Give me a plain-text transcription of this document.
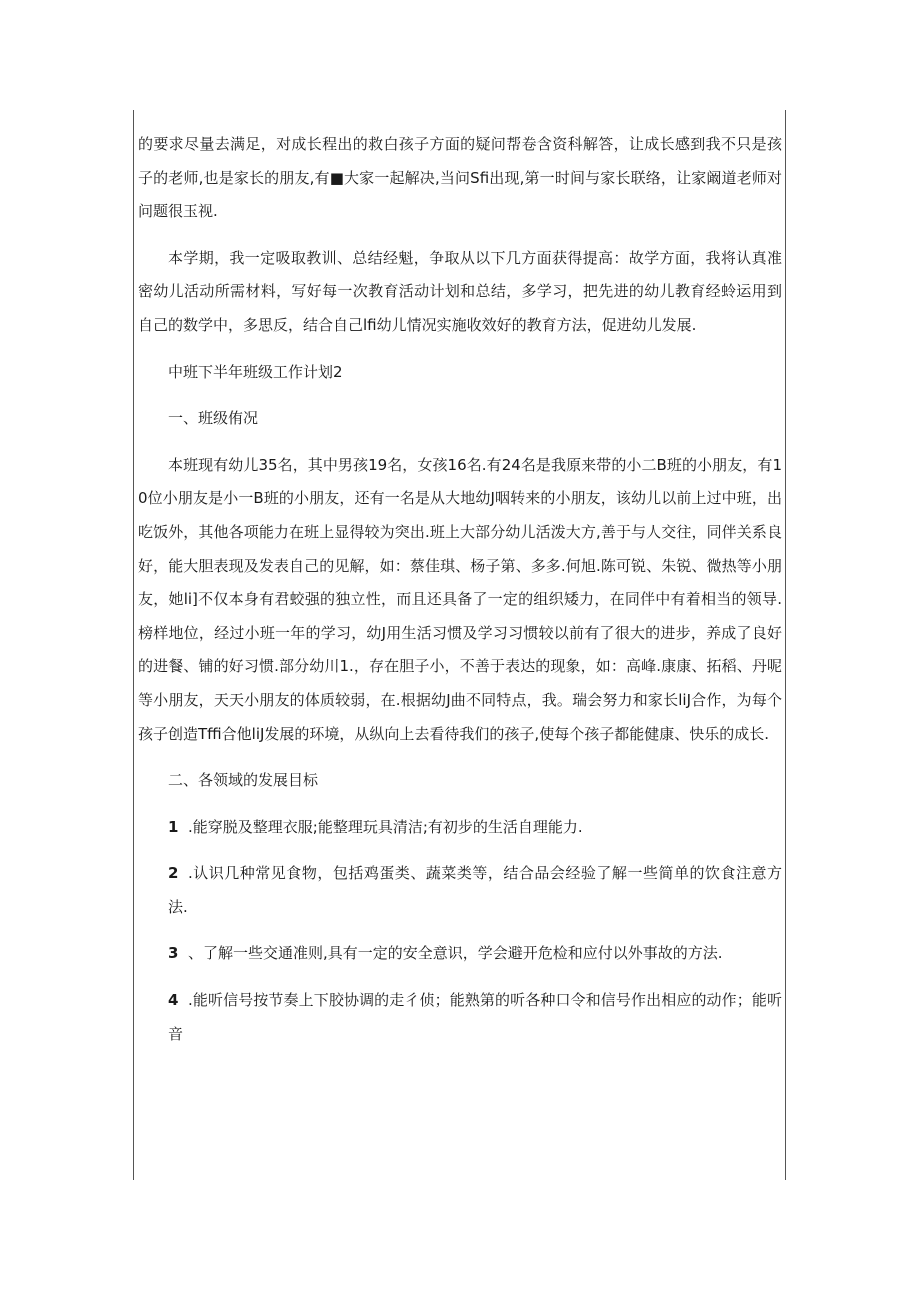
的要求尽量去满足，对成长程出的救白孩子方面的疑问帮卷含资科解答，让成长感到我不只是孩子的老师,也是家长的朋友,有■大家一起解决,当问Sfi出现,第一时间与家长联络，让家阚道老师对问题很玉视.

本学期，我一定吸取教训、总结经魁，争取从以下几方面获得提高：故学方面，我将认真准密幼儿活动所需材料，写好每一次教育活动计划和总结，多学习，把先进的幼儿教育经蛉运用到自己的数学中，多思反，结合自己lfi幼儿情况实施收效好的教育方法，促进幼儿发展.

中班下半年班级工作计划2

一、班级侑况

本班现有幼儿35名，其中男孩19名，女孩16名.有24名是我原来带的小二B班的小朋友，有10位小朋友是小一B班的小朋友，还有一名是从大地幼J咽转来的小朋友，该幼儿以前上过中班，出吃饭外，其他各项能力在班上显得较为突出.班上大部分幼儿活泼大方,善于与人交往，同伴关系良好，能大胆表现及发表自己的见解，如：蔡佳琪、杨子第、多多.何旭.陈可锐、朱锐、微热等小朋友，她li]不仅本身有君蛟强的独立性，而且还具备了一定的组织矮力，在同伴中有着相当的领导.榜样地位，经过小班一年的学习，幼J用生活习惯及学习习惯较以前有了很大的进步，养成了良好的进餐、铺的好习惯.部分幼川1.，存在胆子小，不善于表达的现象，如：高峰.康康、拓稻、丹呢等小朋友，天天小朋友的体质较弱，在.根据幼J曲不同特点，我。瑞会努力和家长liJ合作，为每个孩子创造Tffi合他liJ发展的环境，从纵向上去看待我们的孩子,使每个孩子都能健康、快乐的成长.

二、各领域的发展目标

1 .能穿脱及整理衣服;能整理玩具清洁;有初步的生活自理能力.

2 .认识几种常见食物，包括鸡蛋类、蔬菜类等，结合品会经验了解一些简单的饮食注意方法.

3 、了解一些交通准则,具有一定的安全意识，学会避开危检和应付以外事故的方法.

4 .能听信号按节奏上下胶协调的走彳侦；能熟第的听各种口令和信号作出相应的动作；能听音
